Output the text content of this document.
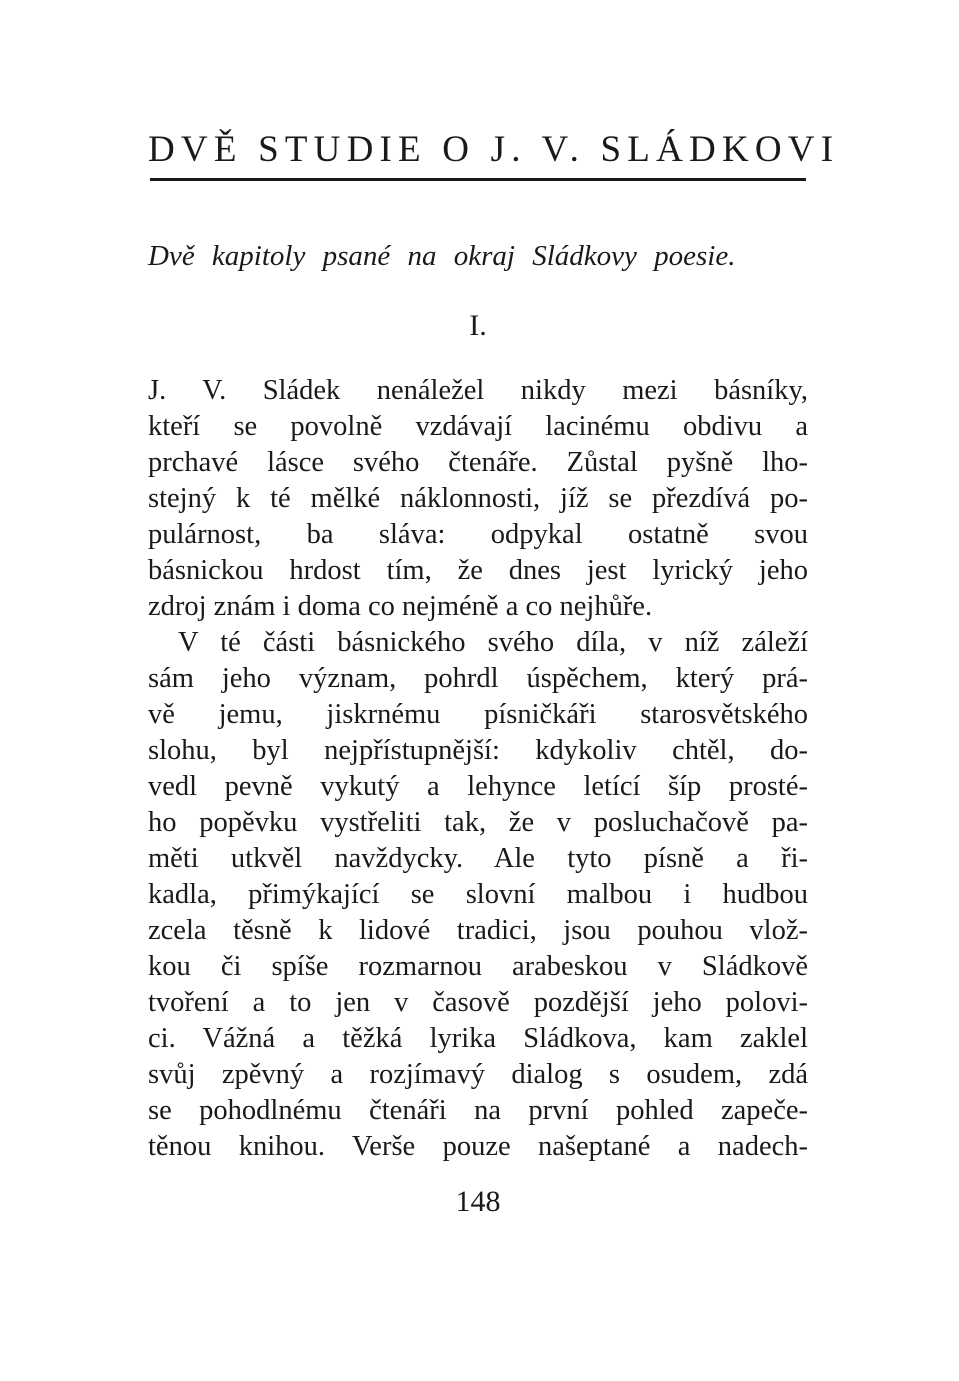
DVĚ STUDIE O J. V. SLÁDKOVI
Dvě kapitoly psané na okraj Sládkovy poesie.
I.
J. V. Sládek nenáležel nikdy mezi básníky,
kteří se povolně vzdávají lacinému obdivu a
prchavé lásce svého čtenáře. Zůstal pyšně lho-
stejný k té mělké náklonnosti, jíž se přezdívá po-
pulárnost, ba sláva: odpykal ostatně svou
básnickou hrdost tím, že dnes jest lyrický jeho
zdroj znám i doma co nejméně a co nejhůře.
V té části básnického svého díla, v níž záleží
sám jeho význam, pohrdl úspěchem, který prá-
vě jemu, jiskrnému písničkáři starosvětského
slohu, byl nejpřístupnější: kdykoliv chtěl, do-
vedl pevně vykutý a lehynce letící šíp prosté-
ho popěvku vystřeliti tak, že v posluchačově pa-
měti utkvěl navždycky. Ale tyto písně a ři-
kadla, přimýkající se slovní malbou i hudbou
zcela těsně k lidové tradici, jsou pouhou vlož-
kou či spíše rozmarnou arabeskou v Sládkově
tvoření a to jen v časově pozdější jeho polovi-
ci. Vážná a těžká lyrika Sládkova, kam zaklel
svůj zpěvný a rozjímavý dialog s osudem, zdá
se pohodlnému čtenáři na první pohled zapeče-
těnou knihou. Verše pouze našeptané a nadech-
148
